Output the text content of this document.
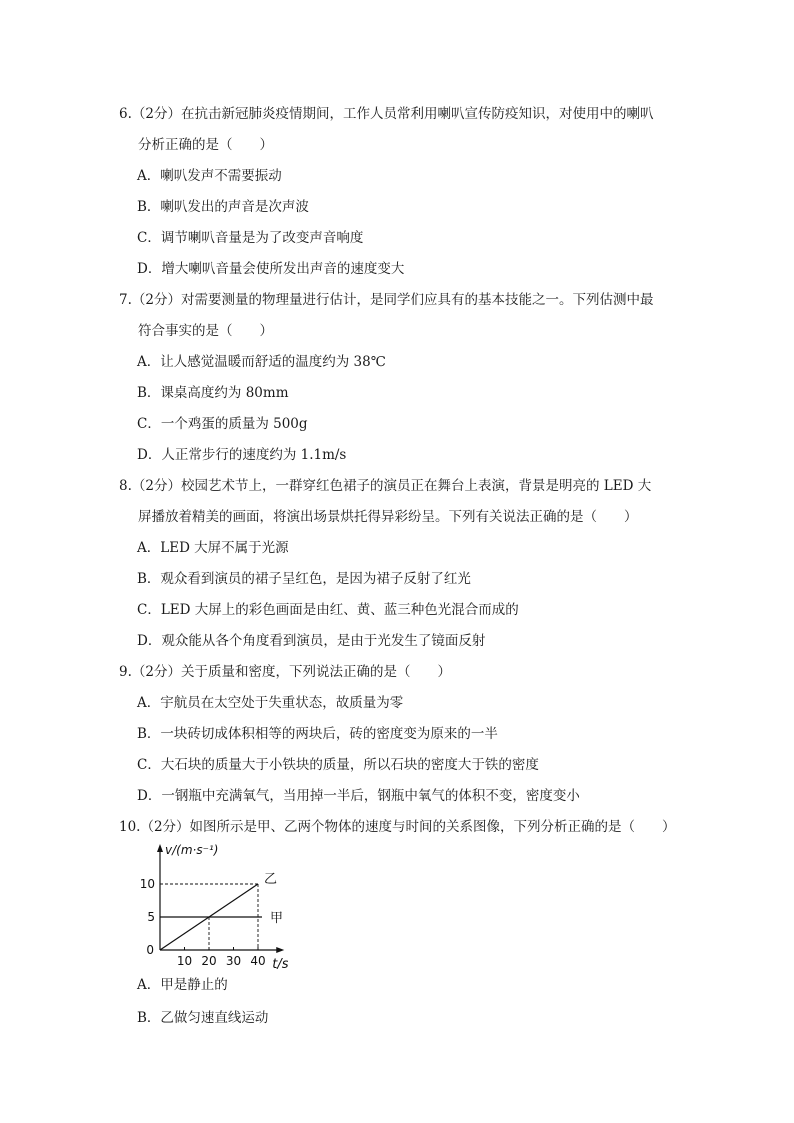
6.（2分）在抗击新冠肺炎疫情期间，工作人员常利用喇叭宣传防疫知识，对使用中的喇叭
分析正确的是（　　）
A．喇叭发声不需要振动
B．喇叭发出的声音是次声波
C．调节喇叭音量是为了改变声音响度
D．增大喇叭音量会使所发出声音的速度变大
7.（2分）对需要测量的物理量进行估计，是同学们应具有的基本技能之一。下列估测中最
符合事实的是（　　）
A．让人感觉温暖而舒适的温度约为 38℃
B．课桌高度约为 80mm
C．一个鸡蛋的质量为 500g
D．人正常步行的速度约为 1.1m/s
8.（2分）校园艺术节上，一群穿红色裙子的演员正在舞台上表演，背景是明亮的 LED 大
屏播放着精美的画面，将演出场景烘托得异彩纷呈。下列有关说法正确的是（　　）
A．LED 大屏不属于光源
B．观众看到演员的裙子呈红色，是因为裙子反射了红光
C．LED 大屏上的彩色画面是由红、黄、蓝三种色光混合而成的
D．观众能从各个角度看到演员，是由于光发生了镜面反射
9.（2分）关于质量和密度，下列说法正确的是（　　）
A．宇航员在太空处于失重状态，故质量为零
B．一块砖切成体积相等的两块后，砖的密度变为原来的一半
C．大石块的质量大于小铁块的质量，所以石块的密度大于铁的密度
D．一钢瓶中充满氧气，当用掉一半后，钢瓶中氧气的体积不变，密度变小
10.（2分）如图所示是甲、乙两个物体的速度与时间的关系图像，下列分析正确的是（　　）
10 20 30 40
5
10
0
甲
乙
v/(m·s⁻¹)
t/s
A．甲是静止的
B．乙做匀速直线运动
